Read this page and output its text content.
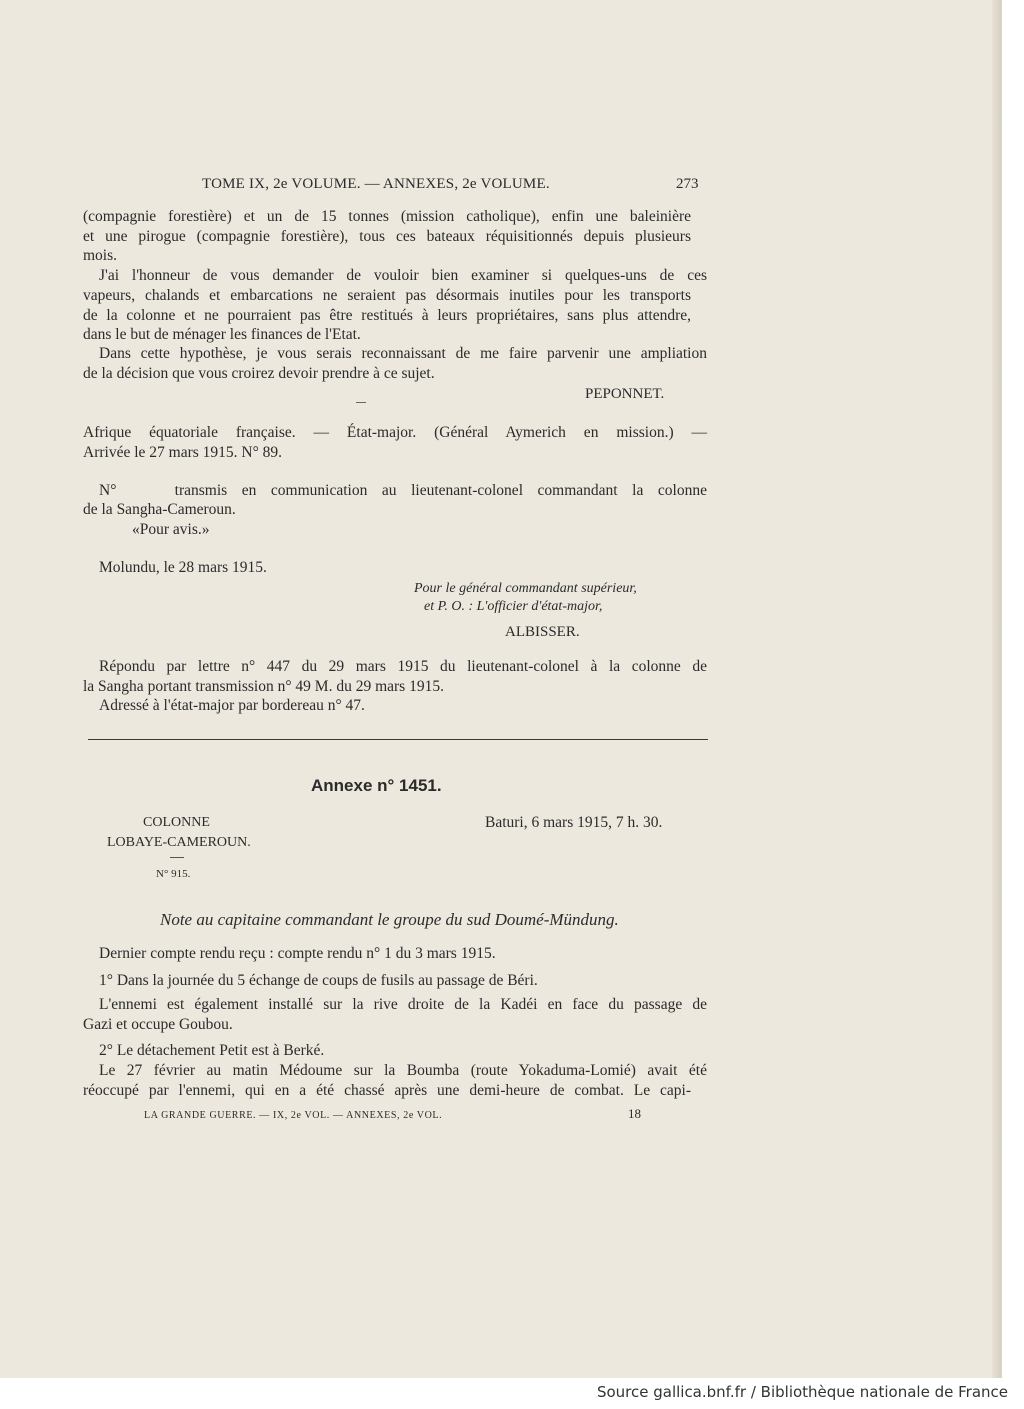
TOME IX, 2e VOLUME. — ANNEXES, 2e VOLUME.	273
(compagnie forestière) et un de 15 tonnes (mission catholique), enfin une baleinière
et une pirogue (compagnie forestière), tous ces bateaux réquisitionnés depuis plusieurs
mois.
J'ai l'honneur de vous demander de vouloir bien examiner si quelques-uns de ces
vapeurs, chalands et embarcations ne seraient pas désormais inutiles pour les transports
de la colonne et ne pourraient pas être restitués à leurs propriétaires, sans plus attendre,
dans le but de ménager les finances de l'Etat.
Dans cette hypothèse, je vous serais reconnaissant de me faire parvenir une ampliation
de la décision que vous croirez devoir prendre à ce sujet.
PEPONNET.
Afrique équatoriale française. — État-major. (Général Aymerich en mission.) —
Arrivée le 27 mars 1915. N° 89.
N°    transmis en communication au lieutenant-colonel commandant la colonne
de la Sangha-Cameroun.
«Pour avis.»
Molundu, le 28 mars 1915.
Pour le général commandant supérieur,
et P. O. : L'officier d'état-major,
ALBISSER.
Répondu par lettre n° 447 du 29 mars 1915 du lieutenant-colonel à la colonne de
la Sangha portant transmission n° 49 M. du 29 mars 1915.
Adressé à l'état-major par bordereau n° 47.
Annexe n° 1451.
COLONNE
LOBAYE-CAMEROUN.
N° 915.
Baturi, 6 mars 1915, 7 h. 30.
Note au capitaine commandant le groupe du sud Doumé-Mündung.
Dernier compte rendu reçu : compte rendu n° 1 du 3 mars 1915.
1° Dans la journée du 5 échange de coups de fusils au passage de Béri.
L'ennemi est également installé sur la rive droite de la Kadéi en face du passage de
Gazi et occupe Goubou.
2° Le détachement Petit est à Berké.
Le 27 février au matin Médoume sur la Boumba (route Yokaduma-Lomié) avait été
réoccupé par l'ennemi, qui en a été chassé après une demi-heure de combat. Le capi-
LA GRANDE GUERRE. — IX, 2e VOL. — ANNEXES, 2e VOL.	18
Source gallica.bnf.fr / Bibliothèque nationale de France
